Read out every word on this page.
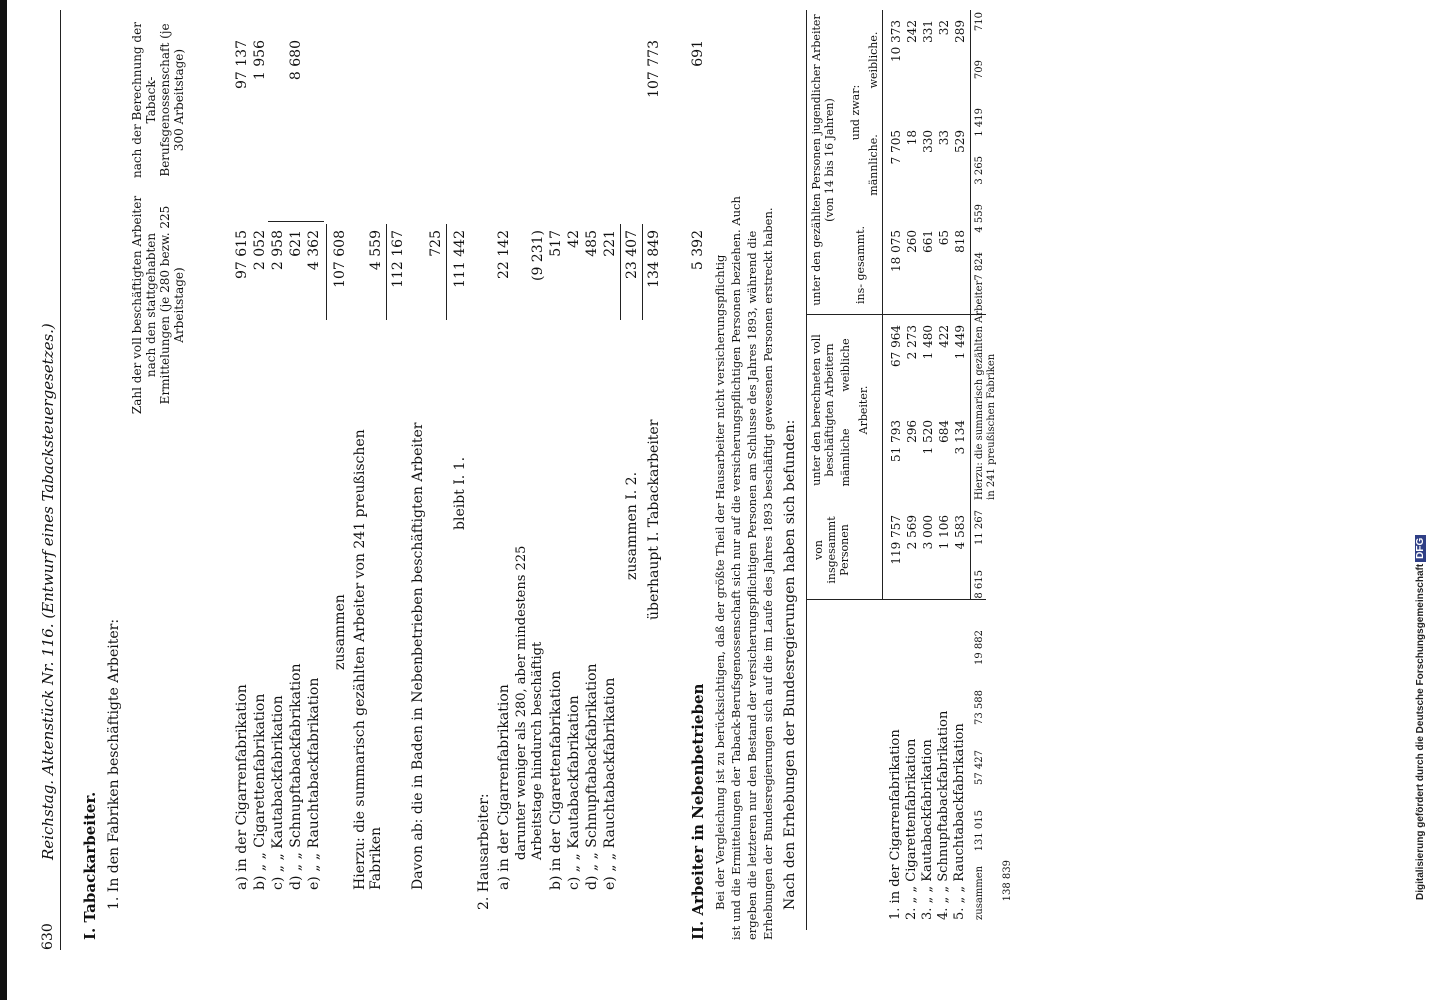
630
Reichstag. Aktenstück Nr. 116. (Entwurf eines Tabacksteuergesetzes.)
I. Tabackarbeiter. 1. In den Fabriken beschäftigte Arbeiter:
Zahl der voll beschäftigten Arbeiter nach den stattgehabten Ermittelungen (je 280 bezw. 225 Arbeitstage)
nach der Berechnung der Taback-Berufsgenossenschaft (je 300 Arbeitstage)
a) in der Cigarrenfabrikation
97 615
97 137
b) „ „ Cigarettenfabrikation
2 052
1 956
c) „ „ Kautabackfabrikation
2 958
d) „ „ Schnupftabackfabrikation
621
8 680
e) „ „ Rauchtabackfabrikation
4 362
zusammen
107 608
Hierzu: die summarisch gezählten Arbeiter von 241 preußischen Fabriken
4 559 112 167
Davon ab: die in Baden in Nebenbetrieben beschäftigten Arbeiter
725
bleibt I. 1.
111 442
2. Hausarbeiter: a) in der Cigarrenfabrikation
22 142
darunter weniger als 280, aber mindestens 225 Arbeitstage hindurch beschäftigt
(9 231)
b) in der Cigarettenfabrikation
517
c) „ „ Kautabackfabrikation
42
d) „ „ Schnupftabackfabrikation
485
e) „ „ Rauchtabackfabrikation
221
zusammen I. 2.
23 407
überhaupt I. Tabackarbeiter
134 849
107 773
II. Arbeiter in Nebenbetrieben
5 392
691
Bei der Vergleichung ist zu berücksichtigen, daß der größte Theil der Hausarbeiter nicht versicherungspflichtig ist und die Ermittelungen der Taback-Berufsgenossenschaft sich nur auf die versicherungspflichtigen Personen beziehen. Auch ergeben die letzteren nur den Bestand der versicherungspflichtigen Personen am Schlusse des Jahres 1893, während die Erhebungen der Bundesregierungen sich auf die im Laufe des Jahres 1893 beschäftigt gewesenen Personen erstreckt haben. Nach den Erhebungen der Bundesregierungen haben sich befunden:
unter den berechneten voll beschäftigten Arbeitern
von insgesammt Personen
männliche
weibliche
Arbeiter.
unter den gezählten Personen jugendlicher Arbeiter (von 14 bis 16 Jahren)
ins- gesammt.
und zwar:
männliche.
weibliche.
1. in der Cigarrenfabrikation
119 757
51 793
67 964
18 075
7 705
10 373
2. „ „ Cigarettenfabrikation
2 569
296
2 273
260
18
242
3. „ „ Kautabackfabrikation
3 000
1 520
1 480
661
330
331
4. „ „ Schnupftabackfabrikation
1 106
684
422
65
33
32
5. „ „ Rauchtabackfabrikation
4 583
3 134
1 449
818
529
289
zusammen
131 015
57 427
73 588
19 882
8 615
11 267
Hierzu: die summarisch gezählten Arbeiter in 241 preußischen Fabriken
7 824
4 559
3 265
1 419
709
710
138 839	Digitalisierung gefördert durch die Deutsche ForschungsgemeinschaftDFG
